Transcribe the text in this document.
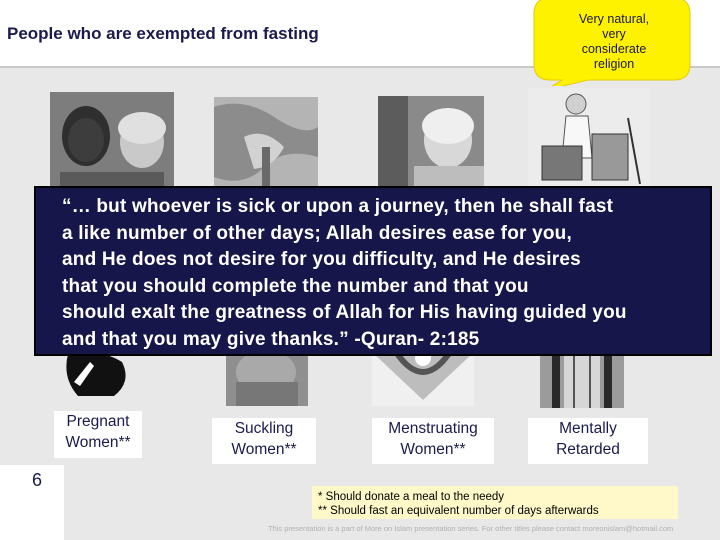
People who are exempted from fasting
Very natural,
very
considerate
religion
“… but whoever is sick or upon a journey, then he shall fast
a like number of other days; Allah desires ease for you,
and He does not desire for you difficulty, and He desires
that you should complete the number and that you
should exalt the greatness of Allah for His having guided you
and that you may give thanks.” -Quran- 2:185
Pregnant
Women**
Suckling
Women**
Menstruating
Women**
Mentally
Retarded
* Should donate a meal to the needy
** Should fast an equivalent number of days afterwards
6
This presentation is a part of More on Islam presentation series. For other titles please contact moreonislam@hotmail.com
